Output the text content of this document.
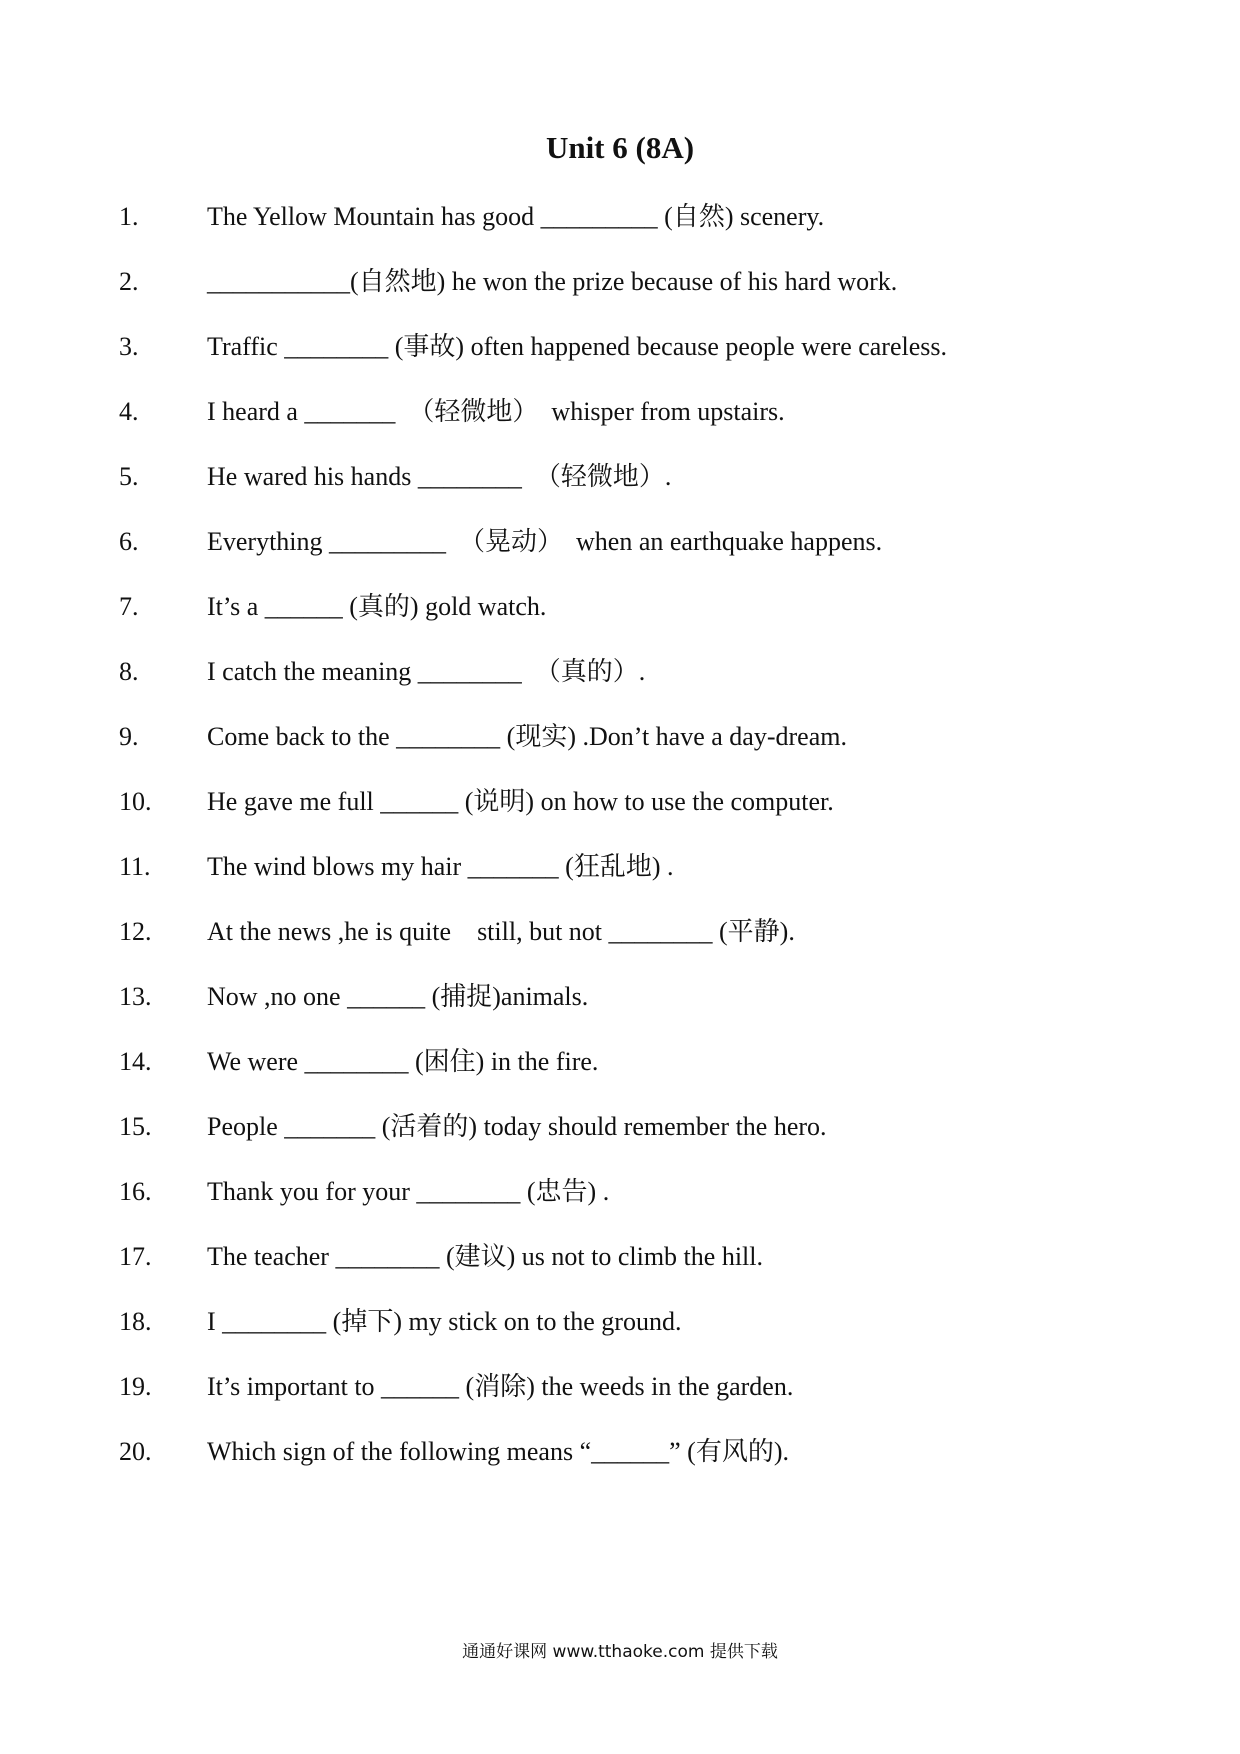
Unit 6 (8A)
1.	The Yellow Mountain has good _________ (自然) scenery.
2.	___________(自然地) he won the prize because of his hard work.
3.	Traffic ________ (事故) often happened because people were careless.
4.	I heard a _______  （轻微地）  whisper from upstairs.
5.	He wared his hands ________  （轻微地）.
6.	Everything _________  （晃动）  when an earthquake happens.
7.	It’s a ______ (真的) gold watch.
8.	I catch the meaning ________  （真的）.
9.	Come back to the ________ (现实) .Don’t have a day-dream.
10. He gave me full ______ (说明) on how to use the computer.
11. The wind blows my hair _______ (狂乱地) .
12. At the news ,he is quite    still, but not ________ (平静).
13. Now ,no one ______ (捕捉)animals.
14. We were ________ (困住) in the fire.
15. People _______ (活着的) today should remember the hero.
16. Thank you for your ________ (忠告) .
17. The teacher ________ (建议) us not to climb the hill.
18. I ________ (掉下) my stick on to the ground.
19. It’s important to ______ (消除) the weeds in the garden.
20. Which sign of the following means “______” (有风的).
通通好课网 www.tthaoke.com 提供下载
